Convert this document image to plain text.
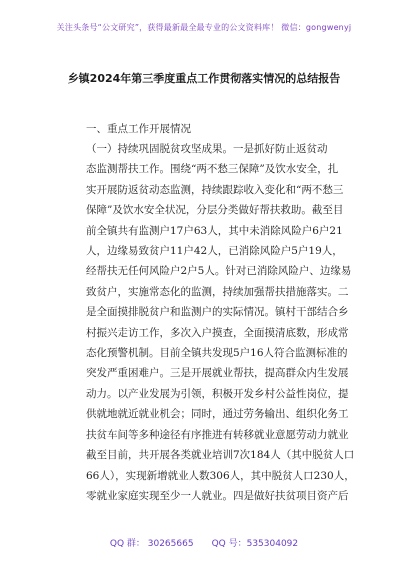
关注头条号“公文研究”，获得最新最全最专业的公文资料库！ 微信：gongwenyj
乡镇2024年第三季度重点工作贯彻落实情况的总结报告
一、重点工作开展情况
（一）持续巩固脱贫攻坚成果。一是抓好防止返贫动
态监测帮扶工作。围绕“两不愁三保障”及饮水安全，扎
实开展防返贫动态监测，持续跟踪收入变化和“两不愁三
保障”及饮水安全状况，分层分类做好帮扶救助。截至目
前全镇共有监测户17户63人，其中未消除风险户6户21
人，边缘易致贫户11户42人，已消除风险户5户19人，
经帮扶无任何风险户2户5人。针对已消除风险户、边缘易
致贫户，实施常态化的监测，持续加强帮扶措施落实。二
是全面摸排脱贫户和监测户的实际情况。镇村干部结合乡
村振兴走访工作，多次入户摸查，全面摸清底数，形成常
态化预警机制。目前全镇共发现5户16人符合监测标准的
突发严重困难户。三是开展就业帮扶，提高群众内生发展
动力。以产业发展为引领，积极开发乡村公益性岗位，提
供就地就近就业机会；同时，通过劳务输出、组织化务工
扶贫车间等多种途径有序推进有转移就业意愿劳动力就业
截至目前，共开展各类就业培训7次184人（其中脱贫人口
66人），实现新增就业人数306人，其中脱贫人口230人，
零就业家庭实现至少一人就业。四是做好扶贫项目资产后
QQ 群： 30265665 QQ 号：535304092
